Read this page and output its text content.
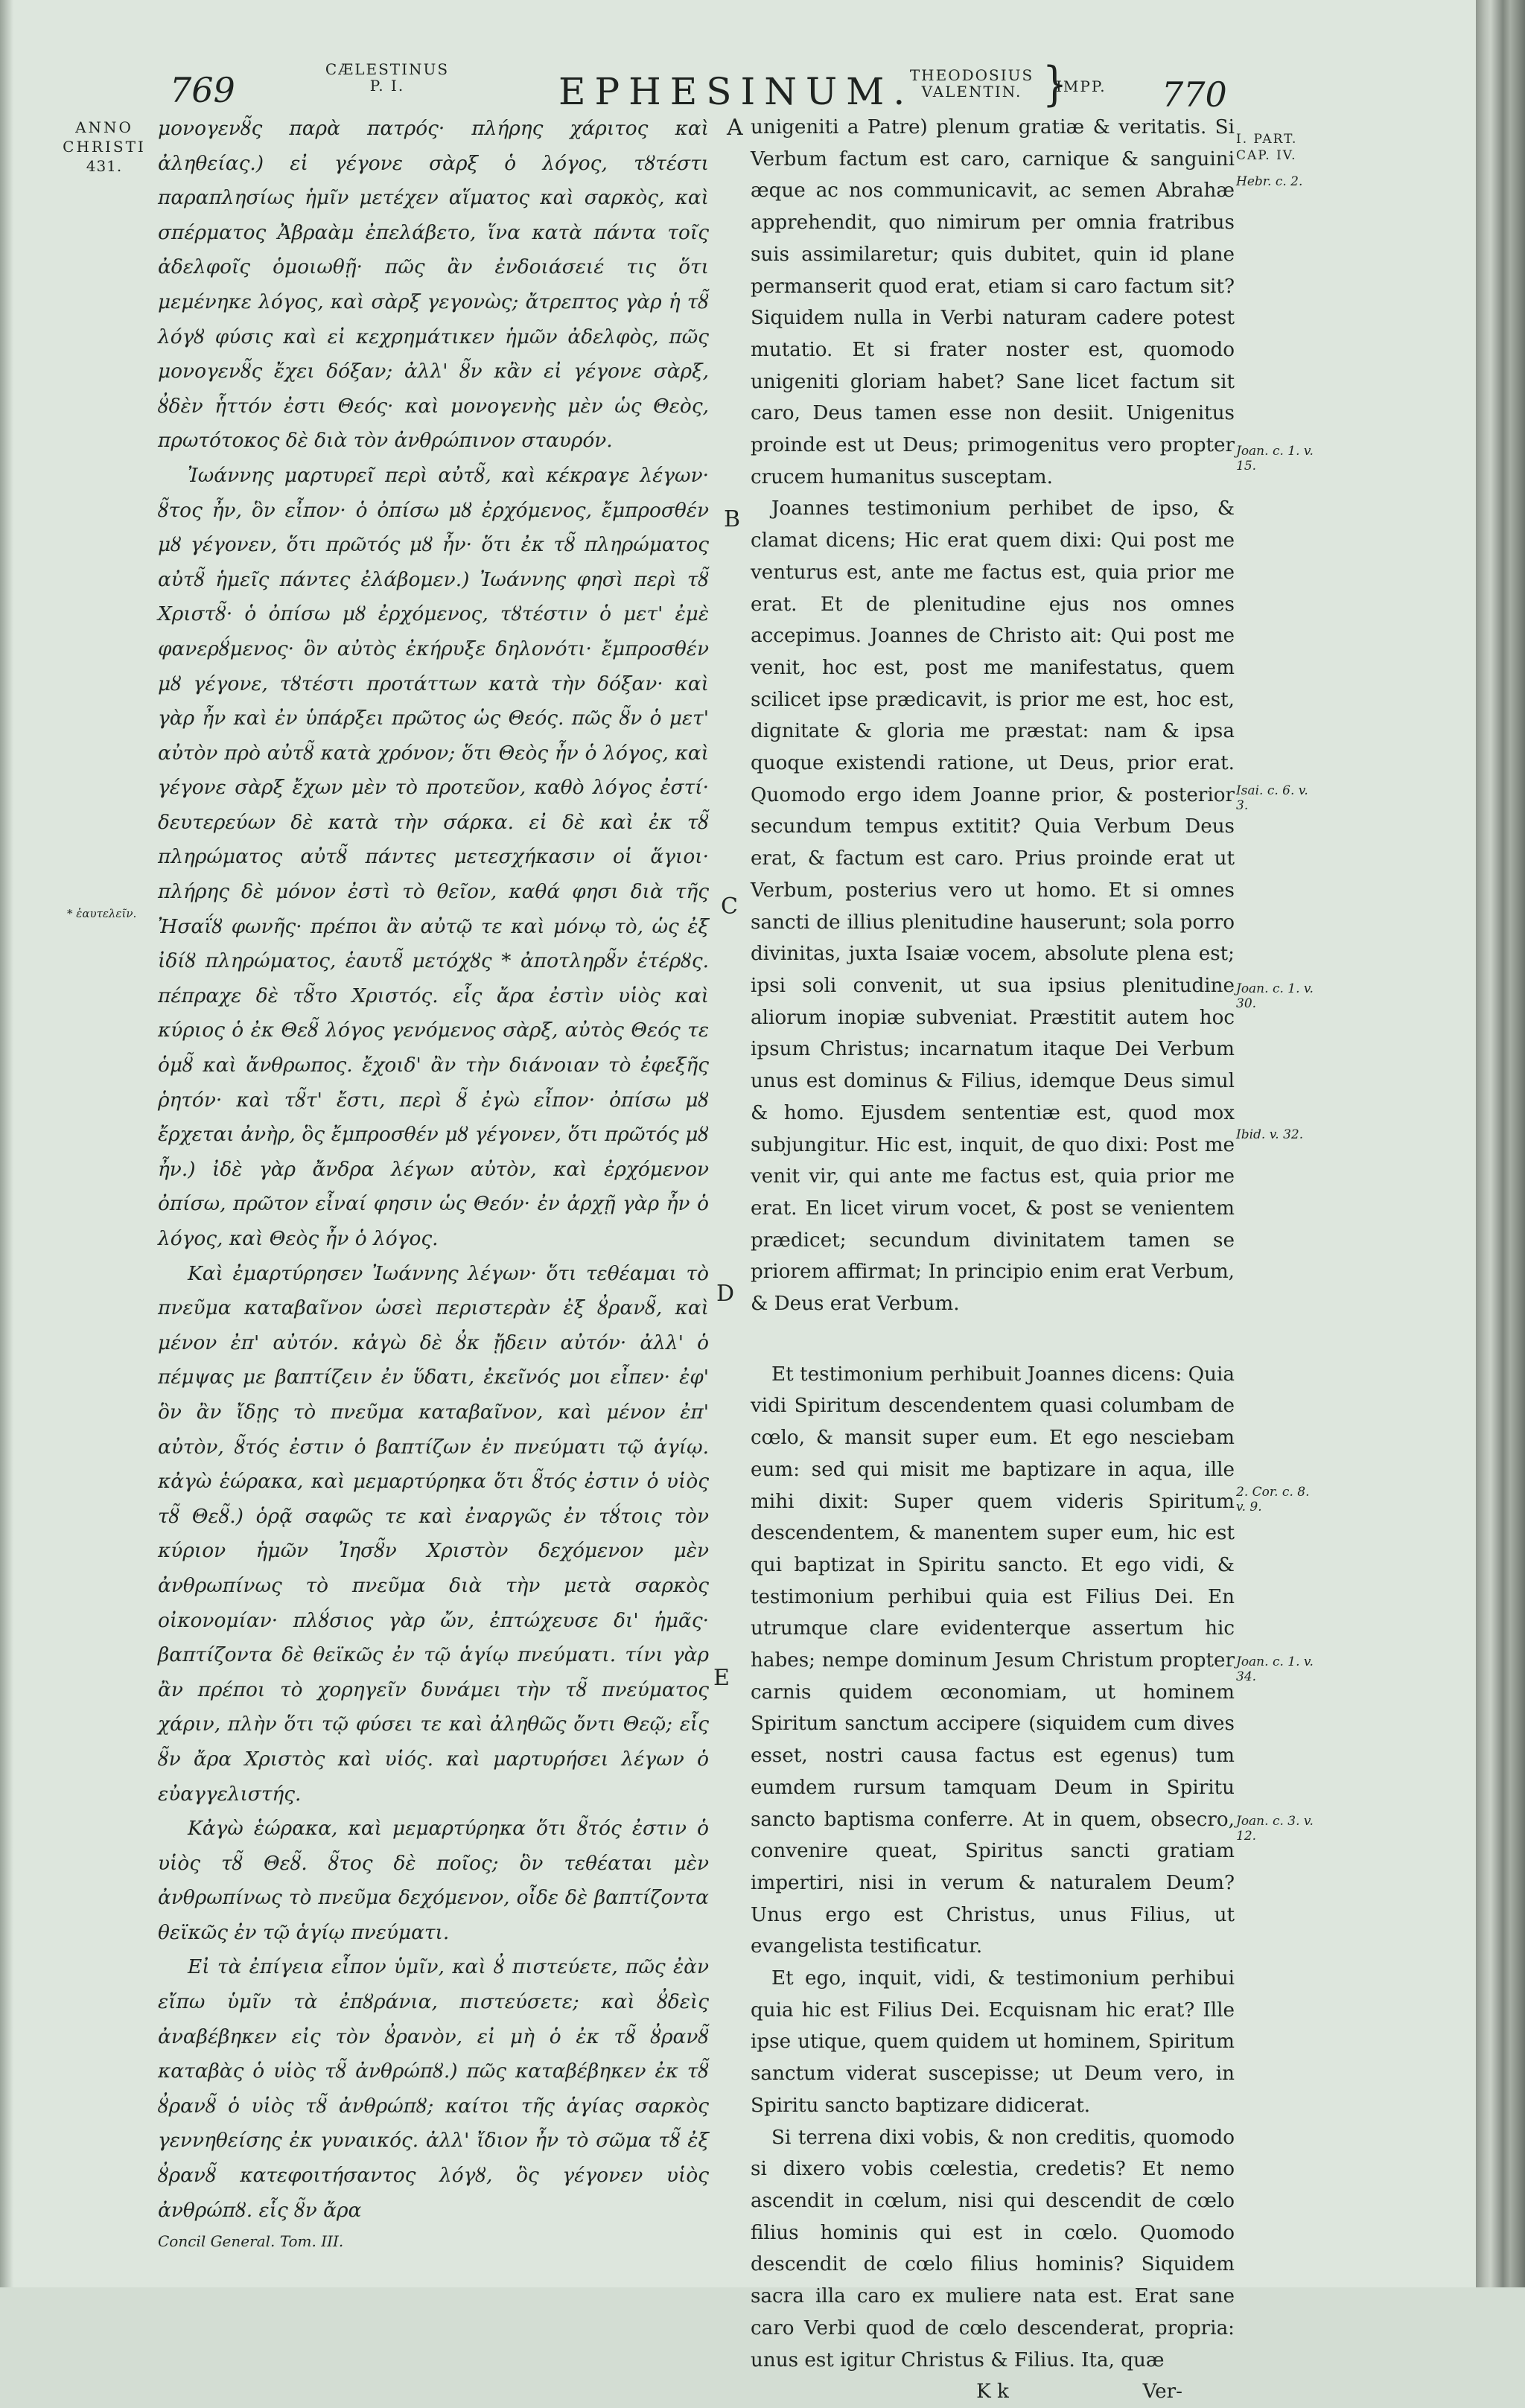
769
CÆLESTINUS
P. I.	EPHESINUM.
THEODOSIUS
VALENTIN. }
IMPP. 770
ANNO
CHRISTI
431.
* ἑαυτελεῖν.

μονογενȣ̃ς παρὰ πατρός· πλήρης χάριτος καὶ ἀληθείας.) εἰ γέγονε σὰρξ ὁ λόγος, τȣτέστι παραπλησίως ἡμῖν μετέχεν αἵματος καὶ σαρκὸς, καὶ σπέρματος Ἀβραὰμ ἐπελάβετο, ἵνα κατὰ πάντα τοῖς ἀδελφοῖς ὁμοιωθῇ· πῶς ἂν ἐνδοιάσειέ τις ὅτι μεμένηκε λόγος, καὶ σὰρξ γεγονὼς; ἄτρεπτος γὰρ ἡ τȣ̃ λόγȣ φύσις καὶ εἰ κεχρημάτικεν ἡμῶν ἀδελφὸς, πῶς μονογενȣ̃ς ἔχει δόξαν; ἀλλ' ȣ̃ν κἂν εἰ γέγονε σὰρξ, ȣ̓δὲν ἧττόν ἐστι Θεός· καὶ μονογενὴς μὲν ὡς Θεὸς, πρωτότοκος δὲ διὰ τὸν ἀνθρώπινον σταυρόν.

Ἰωάννης μαρτυρεῖ περὶ αὐτȣ̃, καὶ κέκραγε λέγων· ȣ̃τος ἦν, ὃν εἶπον· ὁ ὀπίσω μȣ ἐρχόμενος, ἔμπροσθέν μȣ γέγονεν, ὅτι πρῶτός μȣ ἦν· ὅτι ἐκ τȣ̃ πληρώματος αὐτȣ̃ ἡμεῖς πάντες ἐλάβομεν.) Ἰωάννης φησὶ περὶ τȣ̃ Χριστȣ̃· ὁ ὀπίσω μȣ ἐρχόμενος, τȣτέστιν ὁ μετ' ἐμὲ φανερȣ́μενος· ὃν αὐτὸς ἐκήρυξε δηλονότι· ἔμπροσθέν μȣ γέγονε, τȣτέστι προτάττων κατὰ τὴν δόξαν· καὶ γὰρ ἦν καὶ ἐν ὑπάρξει πρῶτος ὡς Θεός. πῶς ȣ̃ν ὁ μετ' αὐτὸν πρὸ αὐτȣ̃ κατὰ χρόνον; ὅτι Θεὸς ἦν ὁ λόγος, καὶ γέγονε σὰρξ ἔχων μὲν τὸ προτεῦον, καθὸ λόγος ἐστί· δευτερεύων δὲ κατὰ τὴν σάρκα. εἰ δὲ καὶ ἐκ τȣ̃ πληρώματος αὐτȣ̃ πάντες μετεσχήκασιν οἱ ἅγιοι· πλήρης δὲ μόνον ἐστὶ τὸ θεῖον, καθά φησι διὰ τῆς Ἠσαΐȣ φωνῆς· πρέποι ἂν αὐτῷ τε καὶ μόνῳ τὸ, ὡς ἐξ ἰδίȣ πληρώματος, ἑαυτȣ̃ μετόχȣς * ἀποτληρȣ̃ν ἑτέρȣς. πέπραχε δὲ τȣ̃το Χριστός. εἷς ἄρα ἐστὶν υἱὸς καὶ κύριος ὁ ἐκ Θεȣ̃ λόγος γενόμενος σὰρξ, αὐτὸς Θεός τε ὁμȣ̃ καὶ ἄνθρωπος. ἔχοιδ' ἂν τὴν διάνοιαν τὸ ἐφεξῆς ῥητόν· καὶ τȣ̃τ' ἔστι, περὶ ȣ̃ ἐγὼ εἶπον· ὀπίσω μȣ ἔρχεται ἀνὴρ, ὃς ἔμπροσθέν μȣ γέγονεν, ὅτι πρῶτός μȣ ἦν.) ἰδὲ γὰρ ἄνδρα λέγων αὐτὸν, καὶ ἐρχόμενον ὀπίσω, πρῶτον εἶναί φησιν ὡς Θεόν· ἐν ἀρχῇ γὰρ ἦν ὁ λόγος, καὶ Θεὸς ἦν ὁ λόγος.

Καὶ ἐμαρτύρησεν Ἰωάννης λέγων· ὅτι τεθέαμαι τὸ πνεῦμα καταβαῖνον ὡσεὶ περιστερὰν ἐξ ȣ̓ρανȣ̃, καὶ μένον ἐπ' αὐτόν. κἀγὼ δὲ ȣ̓κ ᾔδειν αὐτόν· ἀλλ' ὁ πέμψας με βαπτίζειν ἐν ὕδατι, ἐκεῖνός μοι εἶπεν· ἐφ' ὃν ἂν ἴδῃς τὸ πνεῦμα καταβαῖνον, καὶ μένον ἐπ' αὐτὸν, ȣ̃τός ἐστιν ὁ βαπτίζων ἐν πνεύματι τῷ ἁγίῳ. κἀγὼ ἑώρακα, καὶ μεμαρτύρηκα ὅτι ȣ̃τός ἐστιν ὁ υἱὸς τȣ̃ Θεȣ̃.) ὁρᾷ σαφῶς τε καὶ ἐναργῶς ἐν τȣ́τοις τὸν κύριον ἡμῶν Ἰησȣ̃ν Χριστὸν δεχόμενον μὲν ἀνθρωπίνως τὸ πνεῦμα διὰ τὴν μετὰ σαρκὸς οἰκονομίαν· πλȣ́σιος γὰρ ὤν, ἐπτώχευσε δι' ἡμᾶς· βαπτίζοντα δὲ θεϊκῶς ἐν τῷ ἁγίῳ πνεύματι. τίνι γὰρ ἂν πρέποι τὸ χορηγεῖν δυνάμει τὴν τȣ̃ πνεύματος χάριν, πλὴν ὅτι τῷ φύσει τε καὶ ἀληθῶς ὄντι Θεῷ; εἷς ȣ̃ν ἄρα Χριστὸς καὶ υἱός. καὶ μαρτυρήσει λέγων ὁ εὐαγγελιστής.

Κἀγὼ ἑώρακα, καὶ μεμαρτύρηκα ὅτι ȣ̃τός ἐστιν ὁ υἱὸς τȣ̃ Θεȣ̃. ȣ̃τος δὲ ποῖος; ὃν τεθέαται μὲν ἀνθρωπίνως τὸ πνεῦμα δεχόμενον, οἶδε δὲ βαπτίζοντα θεϊκῶς ἐν τῷ ἁγίῳ πνεύματι.

Εἰ τὰ ἐπίγεια εἶπον ὑμῖν, καὶ ȣ̓ πιστεύετε, πῶς ἐὰν εἴπω ὑμῖν τὰ ἐπȣράνια, πιστεύσετε; καὶ ȣ̓δεὶς ἀναβέβηκεν εἰς τὸν ȣ̓ρανὸν, εἰ μὴ ὁ ἐκ τȣ̃ ȣ̓ρανȣ̃ καταβὰς ὁ υἱὸς τȣ̃ ἀνθρώπȣ.) πῶς καταβέβηκεν ἐκ τȣ̃ ȣ̓ρανȣ̃ ὁ υἱὸς τȣ̃ ἀνθρώπȣ; καίτοι τῆς ἁγίας σαρκὸς γεννηθείσης ἐκ γυναικός. ἀλλ' ἴδιον ἦν τὸ σῶμα τȣ̃ ἐξ ȣ̓ρανȣ̃ κατεφοιτήσαντος λόγȣ, ὃς γέγονεν υἱὸς ἀνθρώπȣ. εἷς ȣ̃ν ἄρα

Concil General. Tom. III.
A
B
C
D
E

unigeniti a Patre) plenum gratiæ & veritatis. Si Verbum factum est caro, carnique & sanguini æque ac nos communicavit, ac semen Abrahæ apprehendit, quo nimirum per omnia fratribus suis assimilaretur; quis dubitet, quin id plane permanserit quod erat, etiam si caro factum sit? Siquidem nulla in Verbi naturam cadere potest mutatio. Et si frater noster est, quomodo unigeniti gloriam habet? Sane licet factum sit caro, Deus tamen esse non desiit. Unigenitus proinde est ut Deus; primogenitus vero propter crucem humanitus susceptam.

Joannes testimonium perhibet de ipso, & clamat dicens; Hic erat quem dixi: Qui post me venturus est, ante me factus est, quia prior me erat. Et de plenitudine ejus nos omnes accepimus. Joannes de Christo ait: Qui post me venit, hoc est, post me manifestatus, quem scilicet ipse prædicavit, is prior me est, hoc est, dignitate & gloria me præstat: nam & ipsa quoque existendi ratione, ut Deus, prior erat. Quomodo ergo idem Joanne prior, & posterior secundum tempus extitit? Quia Verbum Deus erat, & factum est caro. Prius proinde erat ut Verbum, posterius vero ut homo. Et si omnes sancti de illius plenitudine hauserunt; sola porro divinitas, juxta Isaiæ vocem, absolute plena est; ipsi soli convenit, ut sua ipsius plenitudine aliorum inopiæ subveniat. Præstitit autem hoc ipsum Christus; incarnatum itaque Dei Verbum unus est dominus & Filius, idemque Deus simul & homo. Ejusdem sententiæ est, quod mox subjungitur. Hic est, inquit, de quo dixi: Post me venit vir, qui ante me factus est, quia prior me erat. En licet virum vocet, & post se venientem prædicet; secundum divinitatem tamen se priorem affirmat; In principio enim erat Verbum, & Deus erat Verbum.

Et testimonium perhibuit Joannes dicens: Quia vidi Spiritum descendentem quasi columbam de cœlo, & mansit super eum. Et ego nesciebam eum: sed qui misit me baptizare in aqua, ille mihi dixit: Super quem videris Spiritum descendentem, & manentem super eum, hic est qui baptizat in Spiritu sancto. Et ego vidi, & testimonium perhibui quia est Filius Dei. En utrumque clare evidenterque assertum hic habes; nempe dominum Jesum Christum propter carnis quidem œconomiam, ut hominem Spiritum sanctum accipere (siquidem cum dives esset, nostri causa factus est egenus) tum eumdem rursum tamquam Deum in Spiritu sancto baptisma conferre. At in quem, obsecro, convenire queat, Spiritus sancti gratiam impertiri, nisi in verum & naturalem Deum? Unus ergo est Christus, unus Filius, ut evangelista testificatur.

Et ego, inquit, vidi, & testimonium perhibui quia hic est Filius Dei. Ecquisnam hic erat? Ille ipse utique, quem quidem ut hominem, Spiritum sanctum viderat suscepisse; ut Deum vero, in Spiritu sancto baptizare didicerat.

Si terrena dixi vobis, & non creditis, quomodo si dixero vobis cœlestia, credetis? Et nemo ascendit in cœlum, nisi qui descendit de cœlo filius hominis qui est in cœlo. Quomodo descendit de cœlo filius hominis? Siquidem sacra illa caro ex muliere nata est. Erat sane caro Verbi quod de cœlo descenderat, propria: unus est igitur Christus & Filius. Ita, quæ

K k	Ver-
I. PART.
CAP. IV.
Hebr. c. 2.
Joan. c. 1. v. 15.
Isai. c. 6. v. 3.
Joan. c. 1. v. 30.
Ibid. v. 32.
2. Cor. c. 8. v. 9.
Joan. c. 1. v. 34.
Joan. c. 3. v. 12.
